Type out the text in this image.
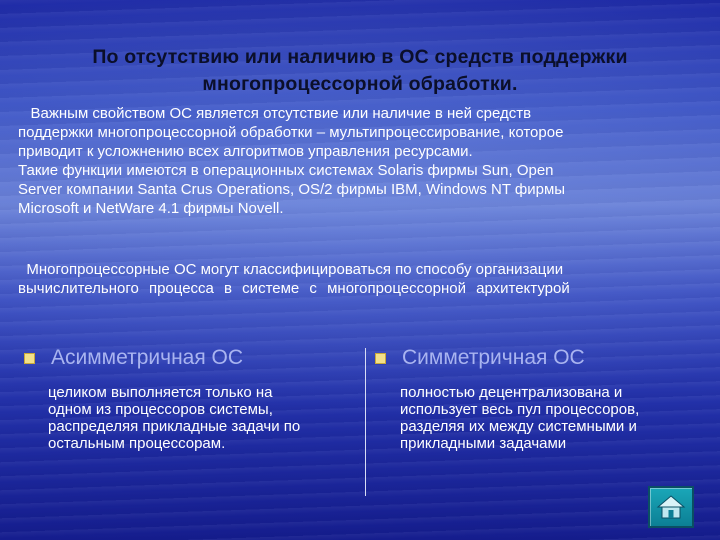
По отсутствию или наличию в ОС средств поддержки
многопроцессорной обработки.

Важным свойством ОС является отсутствие или наличие в ней средств

поддержки многопроцессорной обработки – мультипроцессирование, которое

приводит к усложнению всех алгоритмов управления ресурсами.

Такие функции имеются в операционных системах Solaris фирмы Sun, Open

Server компании Santa Crus Operations, OS/2 фирмы IBM, Windows NT фирмы

Microsoft и NetWare 4.1 фирмы Novell.

Многопроцессорные ОС могут классифицироваться по способу организации
вычислительного процесса в системе с многопроцессорной архитектурой
Асимметричная ОС
целиком выполняется только на
одном из процессоров системы,
распределяя прикладные задачи по
остальным процессорам.
Симметричная ОС
полностью децентрализована и
использует весь пул процессоров,
разделяя их между системными и
прикладными задачами
